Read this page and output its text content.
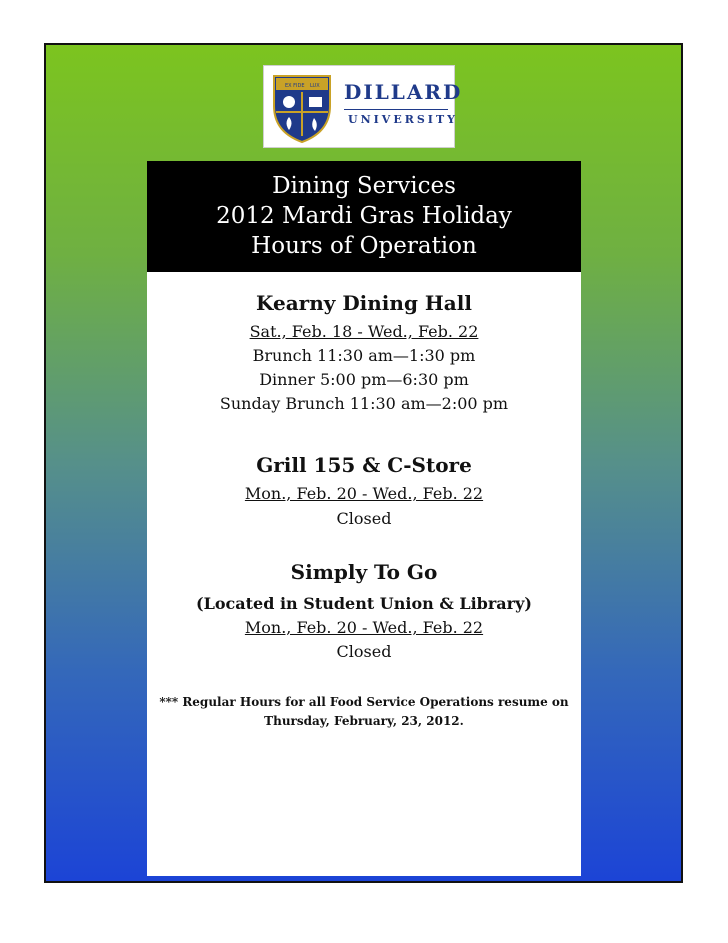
EX FIDE LUX DILLARD
UNIVERSITY
Dining Services
2012 Mardi Gras Holiday
Hours of Operation
Kearny Dining Hall
Sat., Feb. 18 - Wed., Feb. 22
Brunch 11:30 am—1:30 pm
Dinner 5:00 pm—6:30 pm
Sunday Brunch 11:30 am—2:00 pm
Grill 155 & C-Store
Mon., Feb. 20 - Wed., Feb. 22
Closed
Simply To Go
(Located in Student Union & Library)
Mon., Feb. 20 - Wed., Feb. 22
Closed
*** Regular Hours for all Food Service Operations resume on
Thursday, February, 23, 2012.
